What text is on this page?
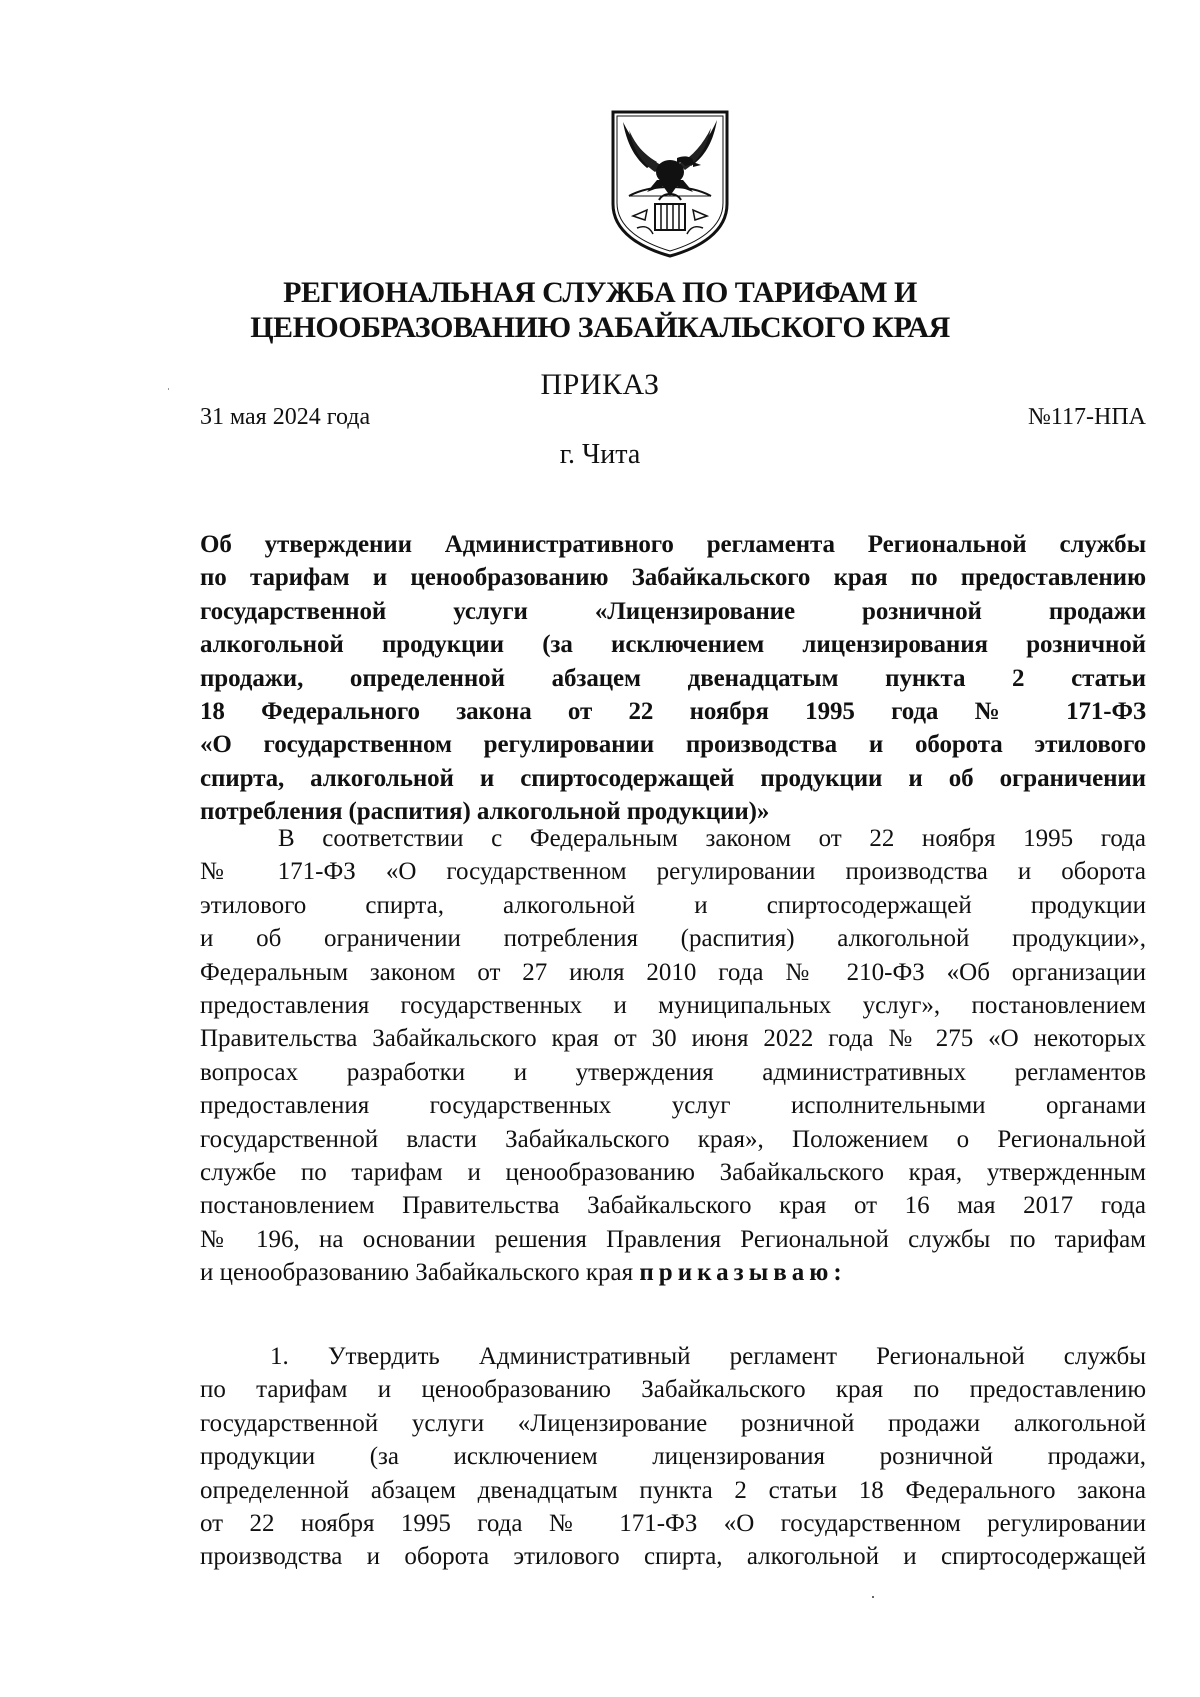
РЕГИОНАЛЬНАЯ СЛУЖБА ПО ТАРИФАМ И
ЦЕНООБРАЗОВАНИЮ ЗАБАЙКАЛЬСКОГО КРАЯ
ПРИКАЗ
31 мая 2024 года	№117-НПА
г. Чита
Об утверждении Административного регламента Региональной службы
по тарифам и ценообразованию Забайкальского края по предоставлению
государственной услуги «Лицензирование розничной продажи
алкогольной продукции (за исключением лицензирования розничной
продажи, определенной абзацем двенадцатым пункта 2 статьи
18 Федерального закона от 22 ноября 1995 года № 171-ФЗ
«О государственном регулировании производства и оборота этилового
спирта, алкогольной и спиртосодержащей продукции и об ограничении
потребления (распития) алкогольной продукции)»
В соответствии с Федеральным законом от 22 ноября 1995 года
№ 171-ФЗ «О государственном регулировании производства и оборота
этилового спирта, алкогольной и спиртосодержащей продукции
и об ограничении потребления (распития) алкогольной продукции»,
Федеральным законом от 27 июля 2010 года № 210-ФЗ «Об организации
предоставления государственных и муниципальных услуг», постановлением
Правительства Забайкальского края от 30 июня 2022 года № 275 «О некоторых
вопросах разработки и утверждения административных регламентов
предоставления государственных услуг исполнительными органами
государственной власти Забайкальского края», Положением о Региональной
службе по тарифам и ценообразованию Забайкальского края, утвержденным
постановлением Правительства Забайкальского края от 16 мая 2017 года
№ 196, на основании решения Правления Региональной службы по тарифам
и ценообразованию Забайкальского края приказываю:
1. Утвердить Административный регламент Региональной службы
по тарифам и ценообразованию Забайкальского края по предоставлению
государственной услуги «Лицензирование розничной продажи алкогольной
продукции (за исключением лицензирования розничной продажи,
определенной абзацем двенадцатым пункта 2 статьи 18 Федерального закона
от 22 ноября 1995 года № 171-ФЗ «О государственном регулировании
производства и оборота этилового спирта, алкогольной и спиртосодержащей
